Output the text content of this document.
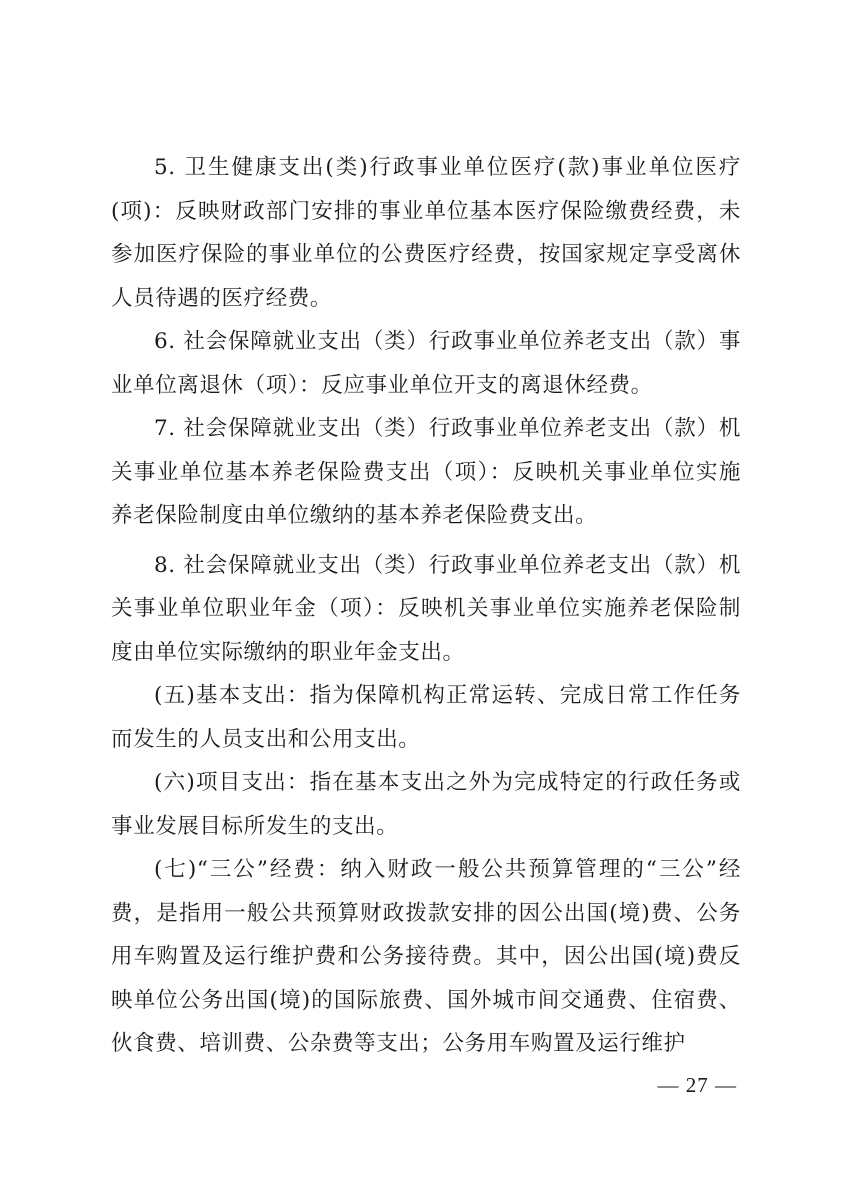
5. 卫生健康支出(类)行政事业单位医疗(款)事业单位医疗(项)：反映财政部门安排的事业单位基本医疗保险缴费经费，未参加医疗保险的事业单位的公费医疗经费，按国家规定享受离休人员待遇的医疗经费。

6. 社会保障就业支出（类）行政事业单位养老支出（款）事业单位离退休（项）：反应事业单位开支的离退休经费。

7. 社会保障就业支出（类）行政事业单位养老支出（款）机关事业单位基本养老保险费支出（项）：反映机关事业单位实施养老保险制度由单位缴纳的基本养老保险费支出。

8. 社会保障就业支出（类）行政事业单位养老支出（款）机关事业单位职业年金（项）：反映机关事业单位实施养老保险制度由单位实际缴纳的职业年金支出。

(五)基本支出：指为保障机构正常运转、完成日常工作任务而发生的人员支出和公用支出。

(六)项目支出：指在基本支出之外为完成特定的行政任务或事业发展目标所发生的支出。

(七)“三公”经费：纳入财政一般公共预算管理的“三公”经费，是指用一般公共预算财政拨款安排的因公出国(境)费、公务用车购置及运行维护费和公务接待费。其中，因公出国(境)费反映单位公务出国(境)的国际旅费、国外城市间交通费、住宿费、伙食费、培训费、公杂费等支出；公务用车购置及运行维护

— 27 —
